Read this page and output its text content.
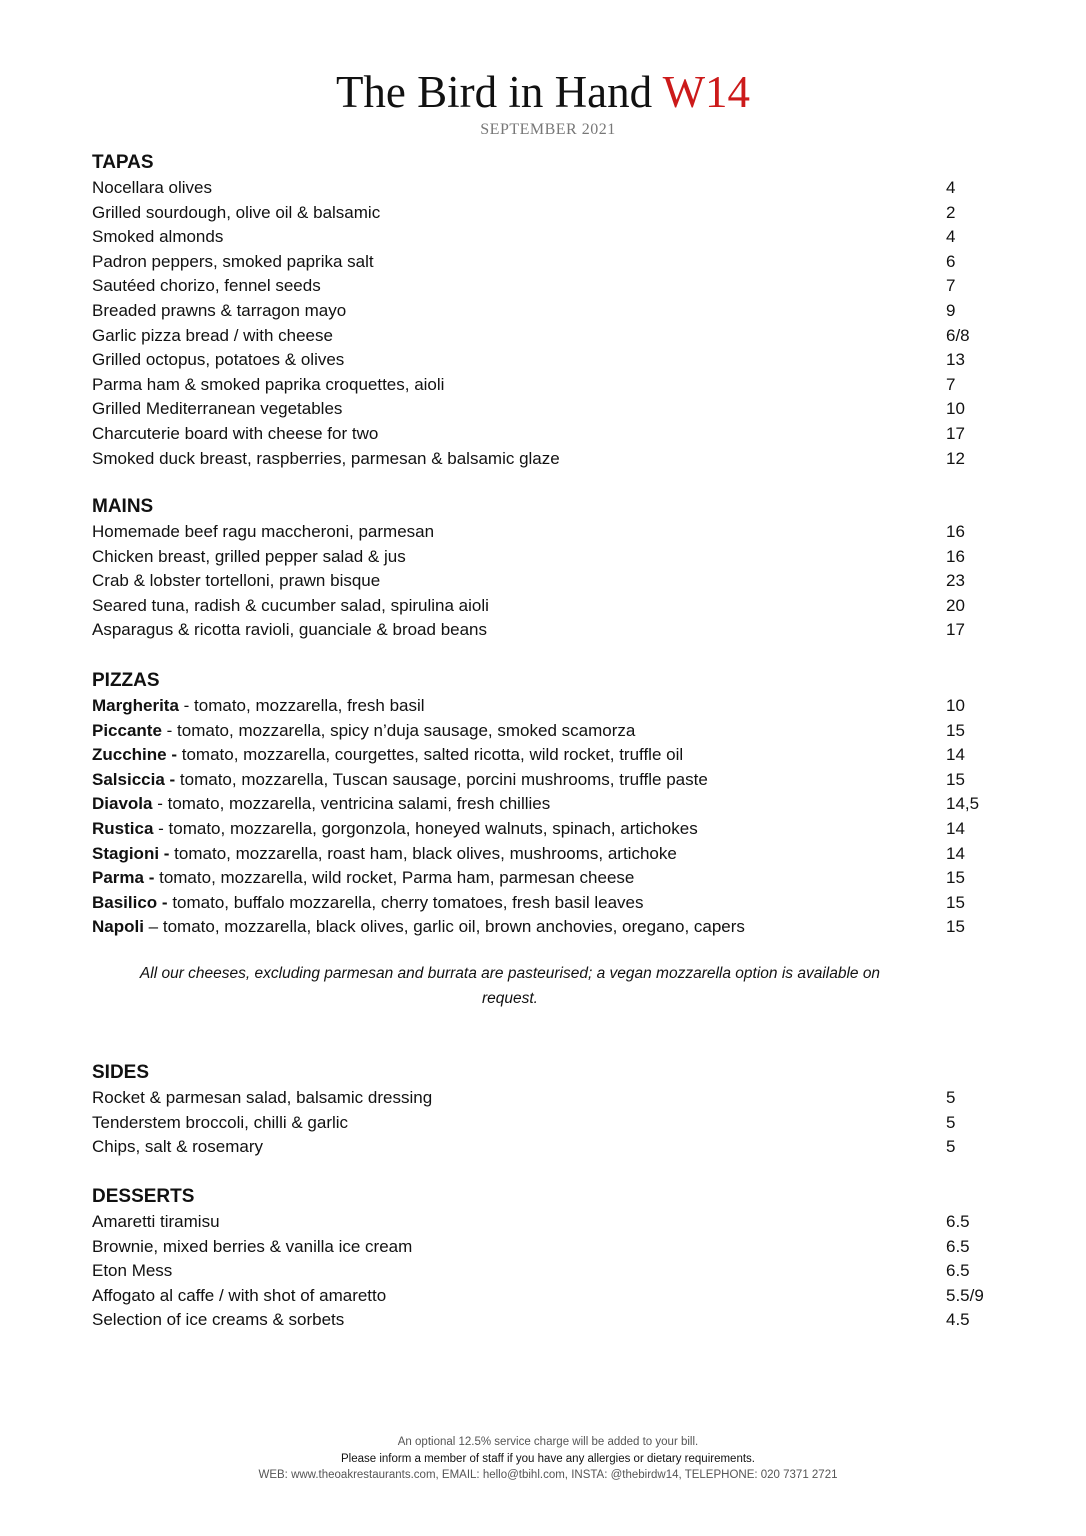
The Bird in Hand W14
SEPTEMBER 2021
TAPAS
Nocellara olives	4
Grilled sourdough, olive oil & balsamic	2
Smoked almonds	4
Padron peppers, smoked paprika salt	6
Sautéed chorizo, fennel seeds	7
Breaded prawns & tarragon mayo	9
Garlic pizza bread / with cheese	6/8
Grilled octopus, potatoes & olives	13
Parma ham & smoked paprika croquettes, aioli	7
Grilled Mediterranean vegetables	10
Charcuterie board with cheese for two	17
Smoked duck breast, raspberries, parmesan & balsamic glaze	12
MAINS
Homemade beef ragu maccheroni, parmesan	16
Chicken breast, grilled pepper salad & jus	16
Crab & lobster tortelloni, prawn bisque	23
Seared tuna, radish & cucumber salad, spirulina aioli	20
Asparagus & ricotta ravioli, guanciale & broad beans	17
PIZZAS
Margherita - tomato, mozzarella, fresh basil	10
Piccante - tomato, mozzarella, spicy n’duja sausage, smoked scamorza	15
Zucchine - tomato, mozzarella, courgettes, salted ricotta, wild rocket, truffle oil	14
Salsiccia - tomato, mozzarella, Tuscan sausage, porcini mushrooms, truffle paste	15
Diavola - tomato, mozzarella, ventricina salami, fresh chillies	14,5
Rustica - tomato, mozzarella, gorgonzola, honeyed walnuts, spinach, artichokes	14
Stagioni - tomato, mozzarella, roast ham, black olives, mushrooms, artichoke	14
Parma - tomato, mozzarella, wild rocket, Parma ham, parmesan cheese	15
Basilico - tomato, buffalo mozzarella, cherry tomatoes, fresh basil leaves	15
Napoli – tomato, mozzarella, black olives, garlic oil, brown anchovies, oregano, capers	15
All our cheeses, excluding parmesan and burrata are pasteurised; a vegan mozzarella option is available on request.
SIDES
Rocket & parmesan salad, balsamic dressing	5
Tenderstem broccoli, chilli & garlic	5
Chips, salt & rosemary	5
DESSERTS
Amaretti tiramisu	6.5
Brownie, mixed berries & vanilla ice cream	6.5
Eton Mess	6.5
Affogato al caffe / with shot of amaretto	5.5/9
Selection of ice creams & sorbets	4.5
An optional 12.5% service charge will be added to your bill.
Please inform a member of staff if you have any allergies or dietary requirements.
WEB: www.theoakrestaurants.com, EMAIL: hello@tbihl.com, INSTA: @thebirdw14, TELEPHONE: 020 7371 2721
